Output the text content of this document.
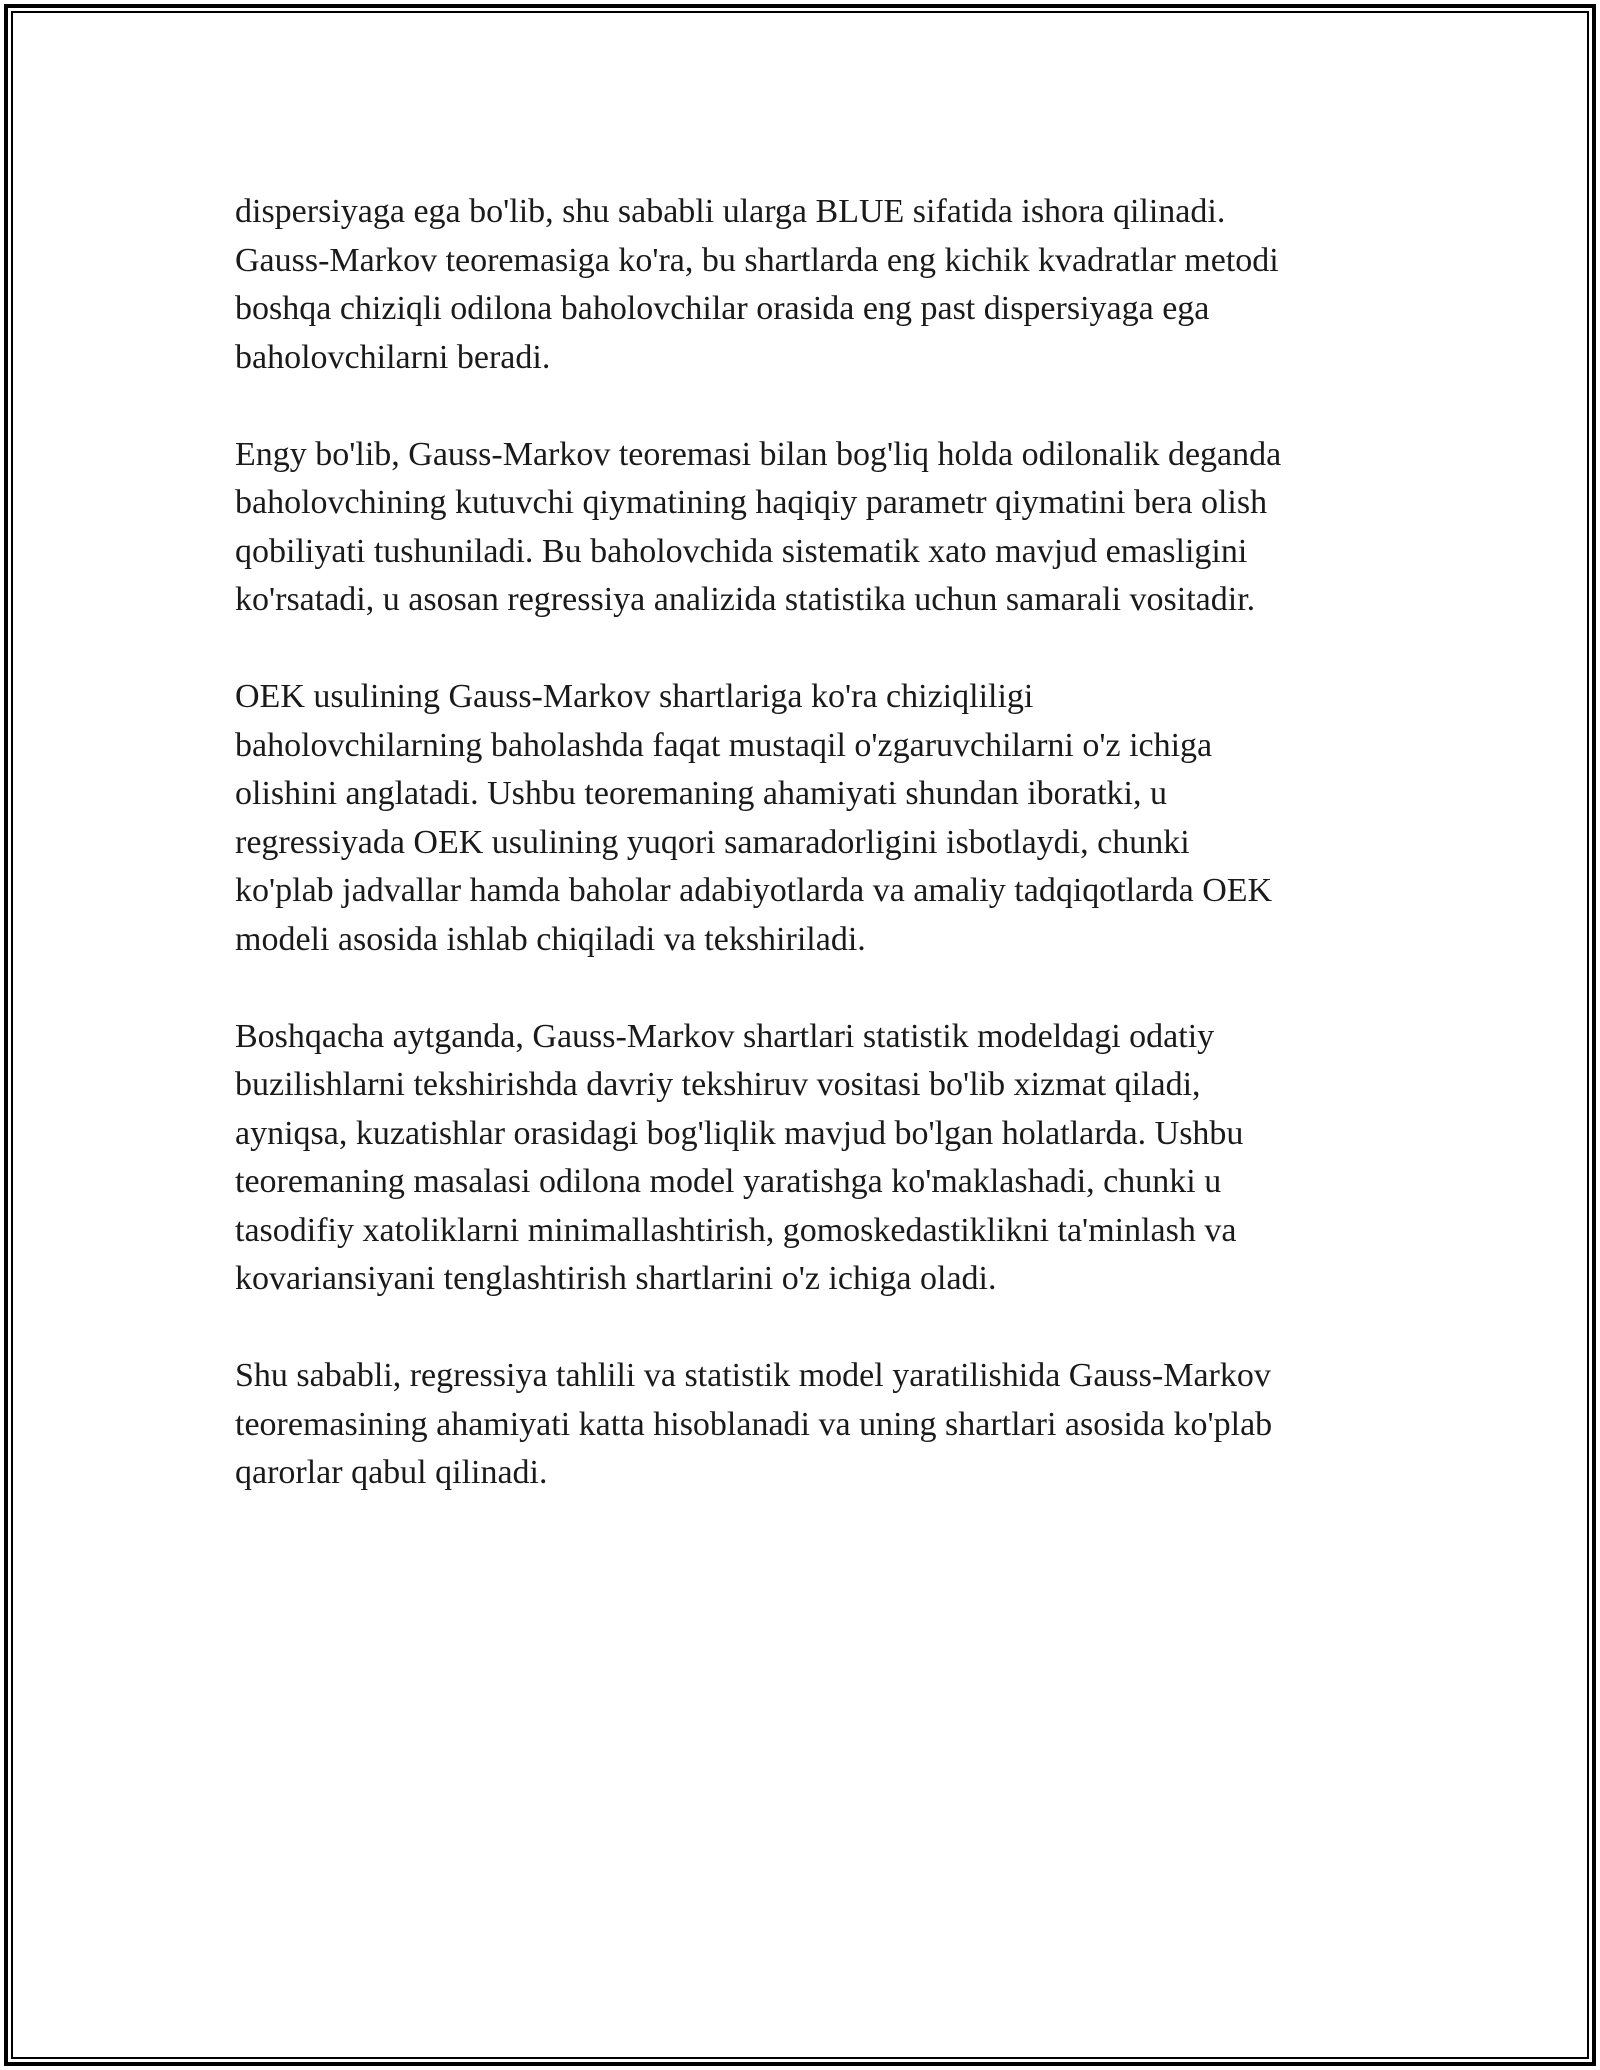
dispersiyaga ega bo'lib, shu sababli ularga BLUE sifatida ishora qilinadi.
Gauss-Markov teoremasiga ko'ra, bu shartlarda eng kichik kvadratlar metodi
boshqa chiziqli odilona baholovchilar orasida eng past dispersiyaga ega
baholovchilarni beradi.

Engy bo'lib, Gauss-Markov teoremasi bilan bog'liq holda odilonalik deganda
baholovchining kutuvchi qiymatining haqiqiy parametr qiymatini bera olish
qobiliyati tushuniladi. Bu baholovchida sistematik xato mavjud emasligini
ko'rsatadi, u asosan regressiya analizida statistika uchun samarali vositadir.

OEK usulining Gauss-Markov shartlariga ko'ra chiziqliligi
baholovchilarning baholashda faqat mustaqil o'zgaruvchilarni o'z ichiga
olishini anglatadi. Ushbu teoremaning ahamiyati shundan iboratki, u
regressiyada OEK usulining yuqori samaradorligini isbotlaydi, chunki
ko'plab jadvallar hamda baholar adabiyotlarda va amaliy tadqiqotlarda OEK
modeli asosida ishlab chiqiladi va tekshiriladi.

Boshqacha aytganda, Gauss-Markov shartlari statistik modeldagi odatiy
buzilishlarni tekshirishda davriy tekshiruv vositasi bo'lib xizmat qiladi,
ayniqsa, kuzatishlar orasidagi bog'liqlik mavjud bo'lgan holatlarda. Ushbu
teoremaning masalasi odilona model yaratishga ko'maklashadi, chunki u
tasodifiy xatoliklarni minimallashtirish, gomoskedastiklikni ta'minlash va
kovariansiyani tenglashtirish shartlarini o'z ichiga oladi.

Shu sababli, regressiya tahlili va statistik model yaratilishida Gauss-Markov
teoremasining ahamiyati katta hisoblanadi va uning shartlari asosida ko'plab
qarorlar qabul qilinadi.
